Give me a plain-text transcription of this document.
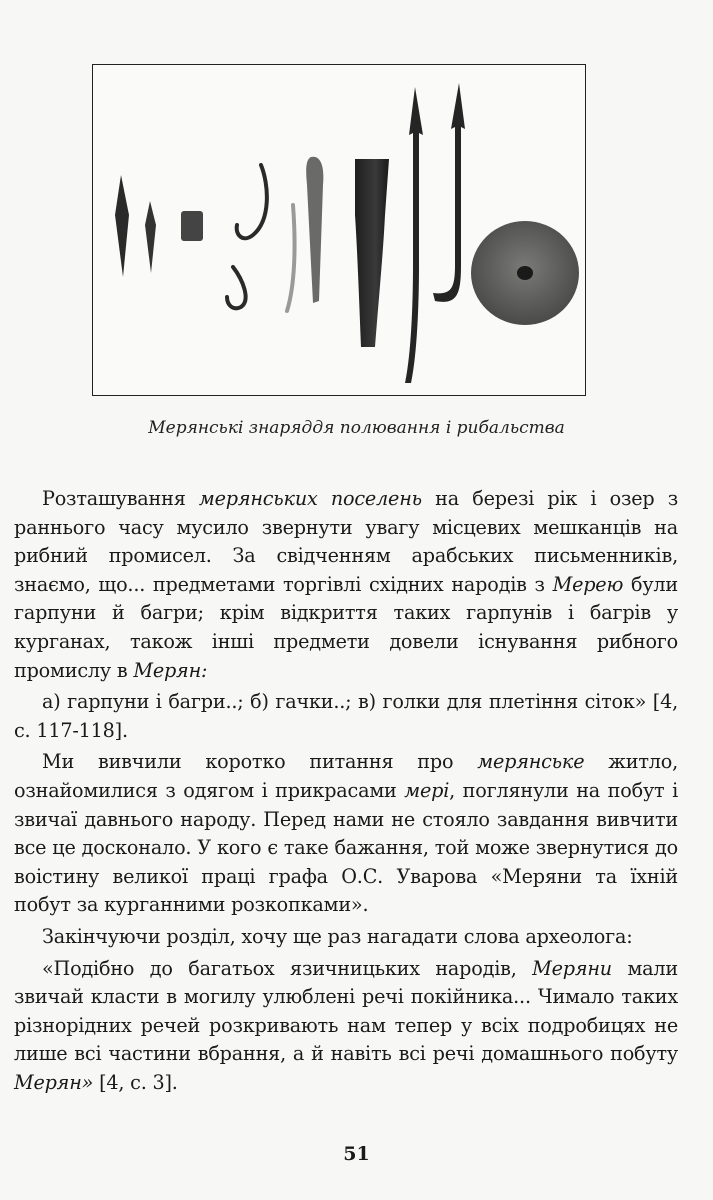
Мерянські знаряддя полювання і рибальства

Розташування мерянських поселень на березі рік і озер з раннього часу мусило звернути увагу місцевих мешканців на рибний промисел. За свідченням арабських письменників, знаємо, що... предметами торгівлі східних народів з Мерею були гарпуни й багри; крім відкриття таких гарпунів і багрів у курганах, також інші предмети довели існування рибного промислу в Мерян:

а) гарпуни і багри..; б) гачки..; в) голки для плетіння сіток» [4, с. 117-118].

Ми вивчили коротко питання про мерянське житло, ознайомилися з одягом і прикрасами мері, поглянули на побут і звичаї давнього народу. Перед нами не стояло завдання вивчити все це досконало. У кого є таке бажання, той може звернутися до воістину великої праці графа О.С. Уварова «Меряни та їхній побут за курганними розкопками».

Закінчуючи розділ, хочу ще раз нагадати слова археолога:

«Подібно до багатьох язичницьких народів, Меряни мали звичай класти в могилу улюблені речі покійника... Чимало таких різнорідних речей розкривають нам тепер у всіх подробицях не лише всі частини вбрання, а й навіть всі речі домашнього побуту Мерян» [4, с. 3].

51
